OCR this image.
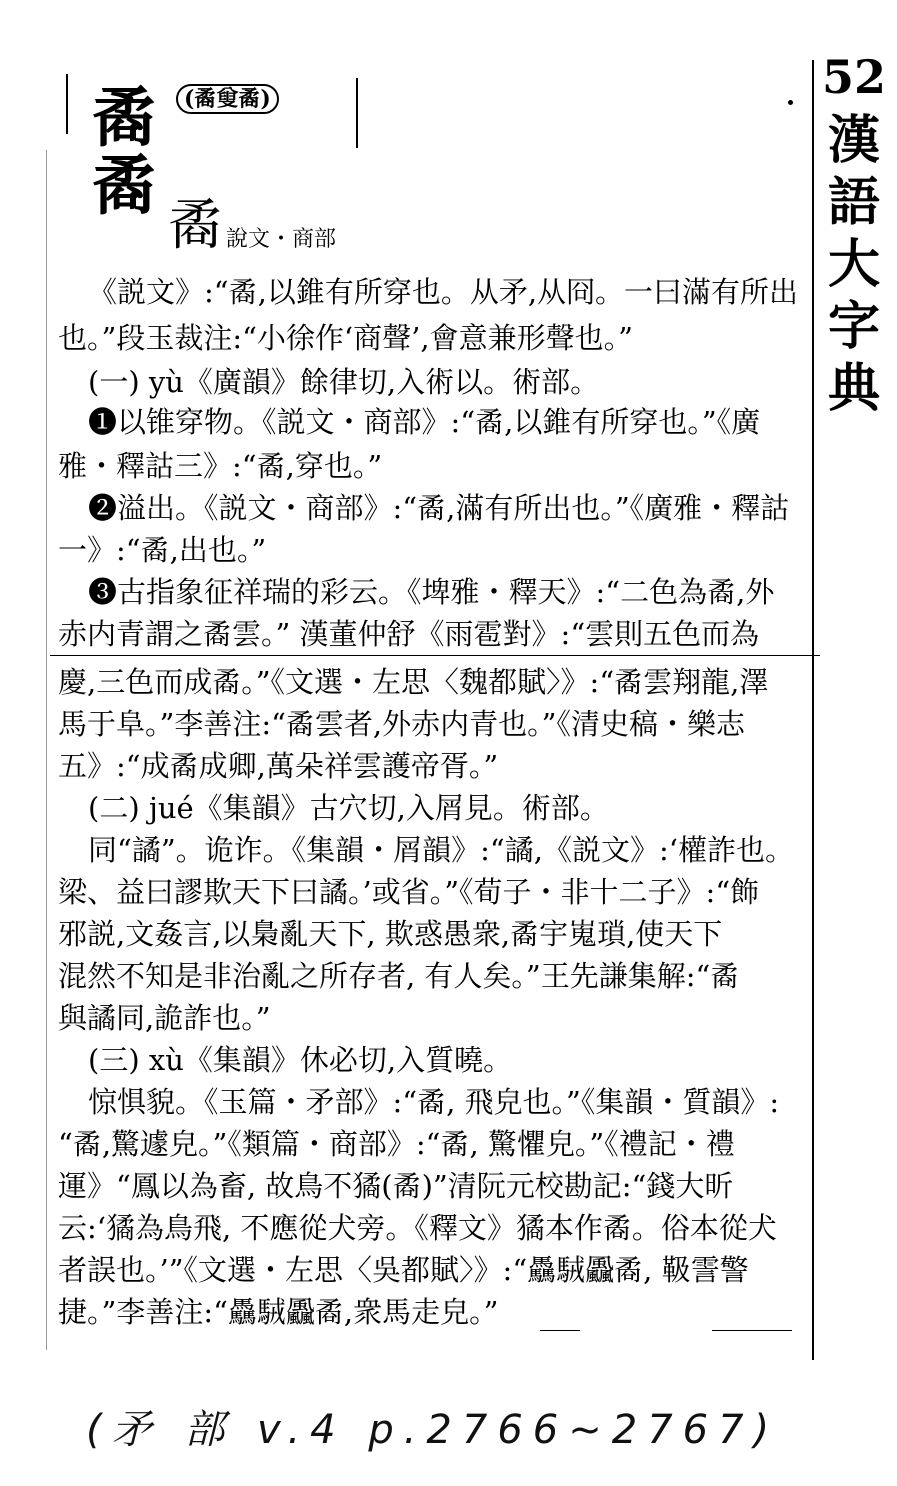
52
漢
語
大
字
典
矞
矞
(矞𠭦矞)
矞 說文・商部
《説文》:“矞,以錐有所穿也。从矛,从冏。一曰滿有所出
也。”段玉裁注:“小徐作‘商聲’,會意兼形聲也。”
(一) yù《廣韻》餘律切,入術以。術部。
❶以锥穿物。《説文・商部》:“矞,以錐有所穿也。”《廣
雅・釋詁三》:“矞,穿也。”
❷溢出。《説文・商部》:“矞,滿有所出也。”《廣雅・釋詁
一》:“矞,出也。”
❸古指象征祥瑞的彩云。《埤雅・釋天》:“二色為矞,外
赤内青謂之矞雲。” 漢董仲舒《雨雹對》:“雲則五色而為
慶,三色而成矞。”《文選・左思〈魏都賦〉》:“矞雲翔龍,澤
馬于阜。”李善注:“矞雲者,外赤内青也。”《清史稿・樂志
五》:“成矞成卿,萬朵祥雲護帝胥。”
(二) jué《集韻》古穴切,入屑見。術部。
同“譎”。诡诈。《集韻・屑韻》:“譎,《説文》:‘權詐也。
梁、益曰謬欺天下曰譎。’或省。”《荀子・非十二子》:“飾
邪説,文姦言,以梟亂天下, 欺惑愚衆,矞宇嵬瑣,使天下
混然不知是非治亂之所存者, 有人矣。”王先謙集解:“矞
與譎同,詭詐也。”
(三) xù《集韻》休必切,入質曉。
惊惧貌。《玉篇・矛部》:“矞, 飛皃也。”《集韻・質韻》:
“矞,驚遽皃。”《類篇・商部》:“矞, 驚懼皃。”《禮記・禮
運》“鳳以為畜, 故鳥不獝(矞)”清阮元校勘記:“錢大昕
云:‘獝為鳥飛, 不應從犬旁。《釋文》獝本作矞。俗本從犬
者誤也。’”《文選・左思〈吳都賦〉》:“驫駥飍矞, 靸霅警
捷。”李善注:“驫駥飍矞,衆馬走皃。”
(矛 部 v.4 p.2766~2767)
